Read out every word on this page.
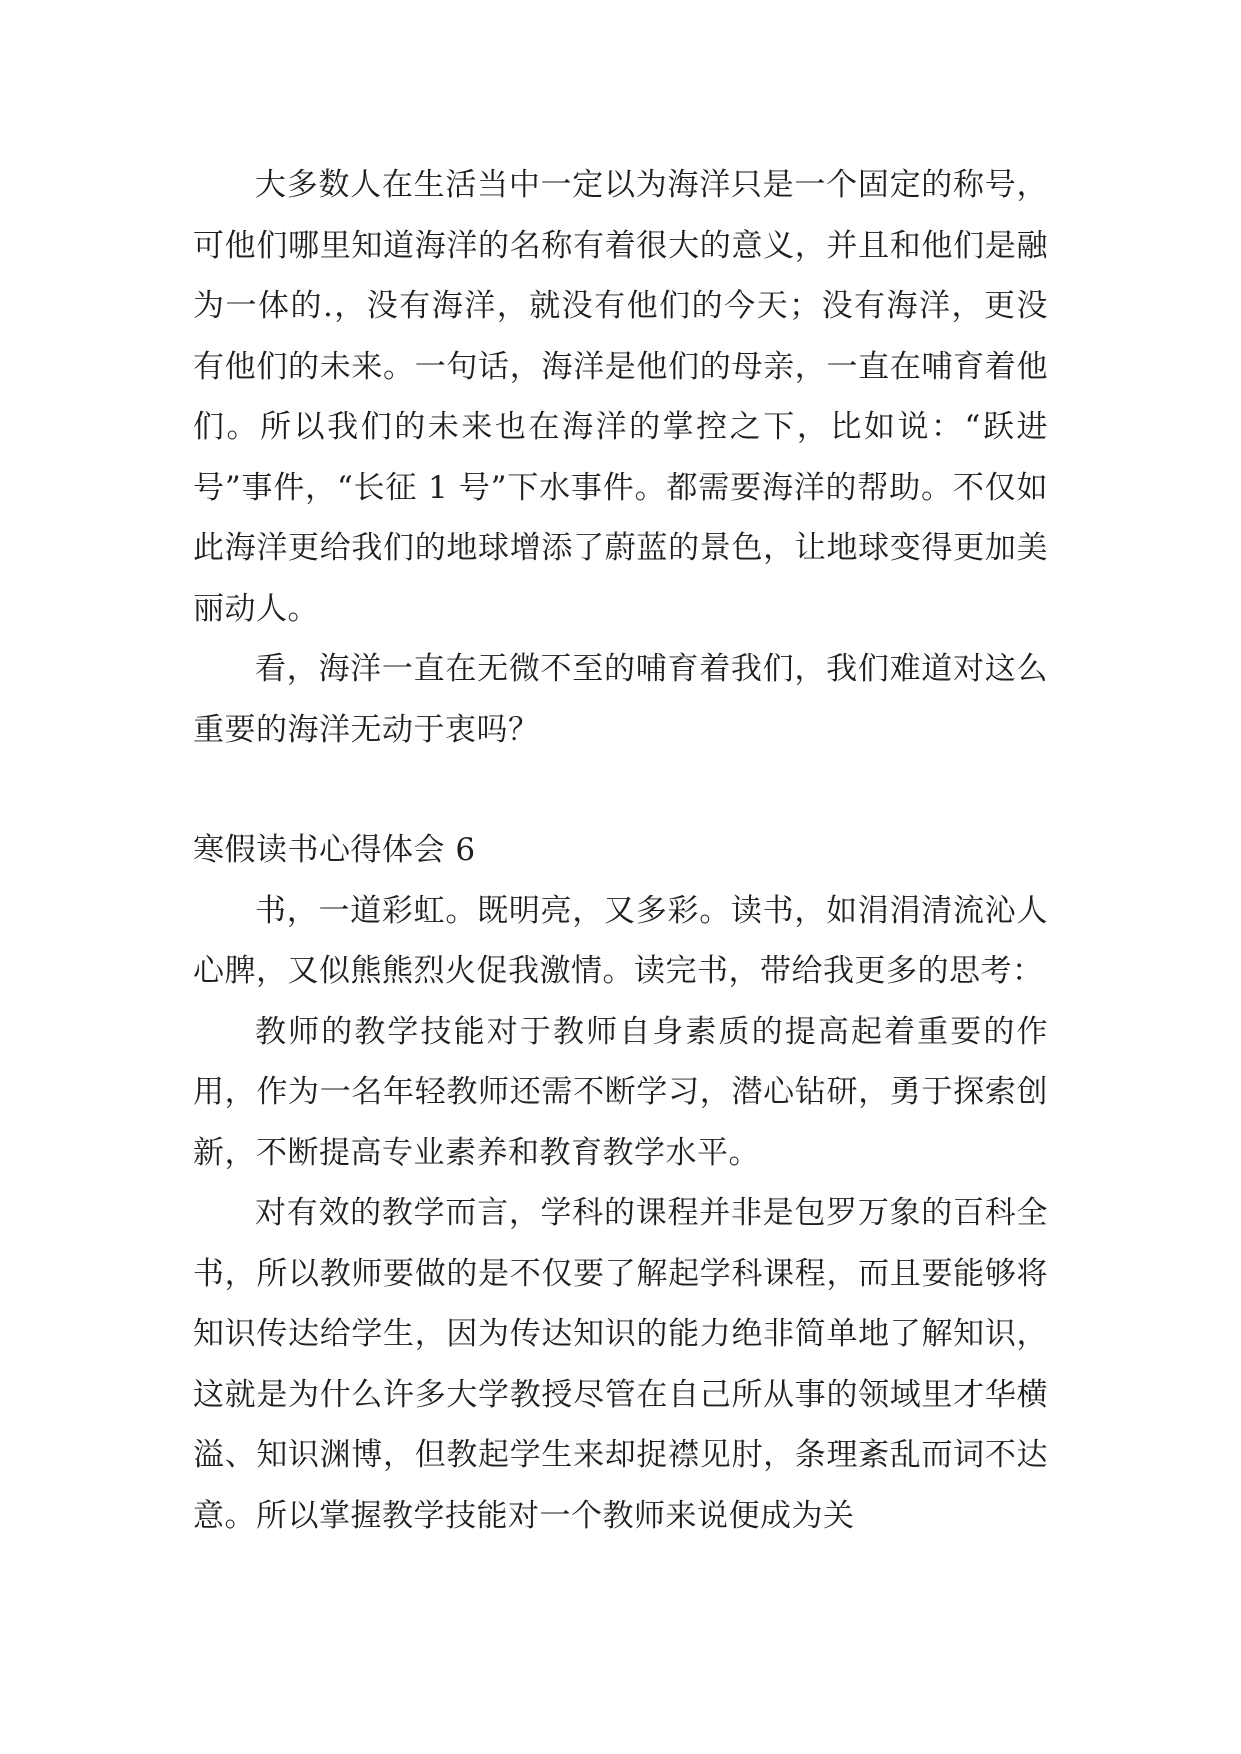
大多数人在生活当中一定以为海洋只是一个固定的称号，可他们哪里知道海洋的名称有着很大的意义，并且和他们是融为一体的.，没有海洋，就没有他们的今天；没有海洋，更没有他们的未来。一句话，海洋是他们的母亲，一直在哺育着他们。所以我们的未来也在海洋的掌控之下，比如说：“跃进号”事件，“长征 1 号”下水事件。都需要海洋的帮助。不仅如此海洋更给我们的地球增添了蔚蓝的景色，让地球变得更加美丽动人。

看，海洋一直在无微不至的哺育着我们，我们难道对这么重要的海洋无动于衷吗？

寒假读书心得体会 6

书，一道彩虹。既明亮，又多彩。读书，如涓涓清流沁人心脾，又似熊熊烈火促我激情。读完书，带给我更多的思考：

教师的教学技能对于教师自身素质的提高起着重要的作用，作为一名年轻教师还需不断学习，潜心钻研，勇于探索创新，不断提高专业素养和教育教学水平。

对有效的教学而言，学科的课程并非是包罗万象的百科全书，所以教师要做的是不仅要了解起学科课程，而且要能够将知识传达给学生，因为传达知识的能力绝非简单地了解知识，这就是为什么许多大学教授尽管在自己所从事的领域里才华横溢、知识渊博，但教起学生来却捉襟见肘，条理紊乱而词不达意。所以掌握教学技能对一个教师来说便成为关
